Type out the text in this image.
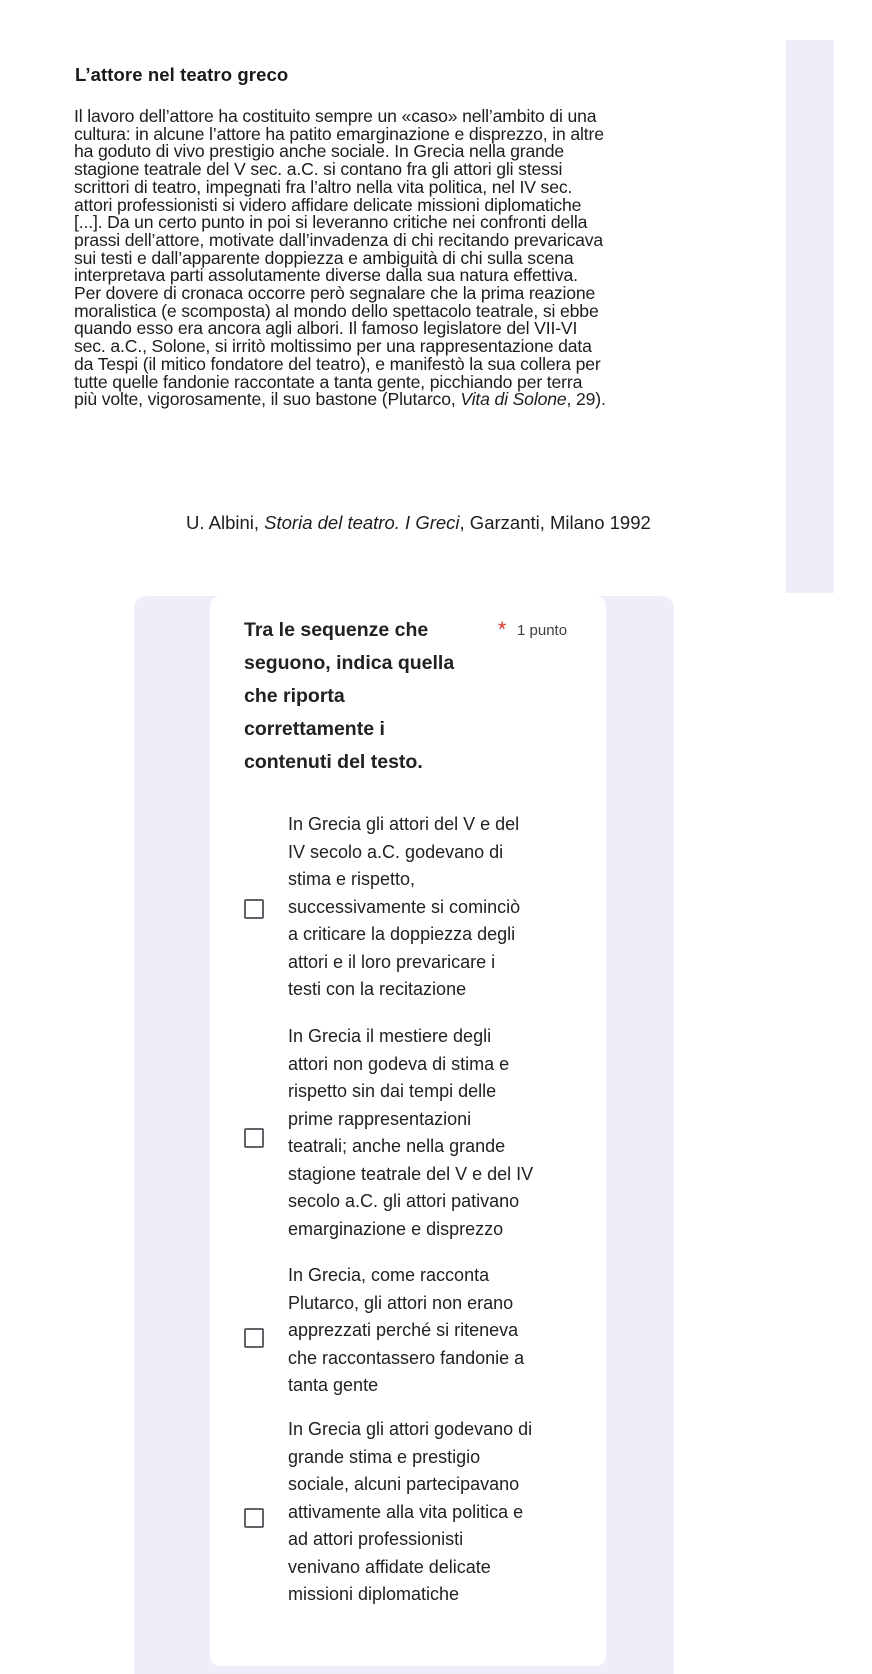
L’attore nel teatro greco
Il lavoro dell’attore ha costituito sempre un «caso» nell’ambito di una
cultura: in alcune l’attore ha patito emarginazione e disprezzo, in altre
ha goduto di vivo prestigio anche sociale. In Grecia nella grande
stagione teatrale del V sec. a.C. si contano fra gli attori gli stessi
scrittori di teatro, impegnati fra l’altro nella vita politica, nel IV sec.
attori professionisti si videro affidare delicate missioni diplomatiche
[...]. Da un certo punto in poi si leveranno critiche nei confronti della
prassi dell’attore, motivate dall’invadenza di chi recitando prevaricava
sui testi e dall’apparente doppiezza e ambiguità di chi sulla scena
interpretava parti assolutamente diverse dalla sua natura effettiva.
Per dovere di cronaca occorre però segnalare che la prima reazione
moralistica (e scomposta) al mondo dello spettacolo teatrale, si ebbe
quando esso era ancora agli albori. Il famoso legislatore del VII-VI
sec. a.C., Solone, si irritò moltissimo per una rappresentazione data
da Tespi (il mitico fondatore del teatro), e manifestò la sua collera per
tutte quelle fandonie raccontate a tanta gente, picchiando per terra
più volte, vigorosamente, il suo bastone (Plutarco, Vita di Solone, 29).
U. Albini, Storia del teatro. I Greci, Garzanti, Milano 1992
Tra le sequenze che
seguono, indica quella
che riporta
correttamente i
contenuti del testo.
* 1 punto
In Grecia gli attori del V e del
IV secolo a.C. godevano di
stima e rispetto,
successivamente si cominciò
a criticare la doppiezza degli
attori e il loro prevaricare i
testi con la recitazione
In Grecia il mestiere degli
attori non godeva di stima e
rispetto sin dai tempi delle
prime rappresentazioni
teatrali; anche nella grande
stagione teatrale del V e del IV
secolo a.C. gli attori pativano
emarginazione e disprezzo
In Grecia, come racconta
Plutarco, gli attori non erano
apprezzati perché si riteneva
che raccontassero fandonie a
tanta gente
In Grecia gli attori godevano di
grande stima e prestigio
sociale, alcuni partecipavano
attivamente alla vita politica e
ad attori professionisti
venivano affidate delicate
missioni diplomatiche
